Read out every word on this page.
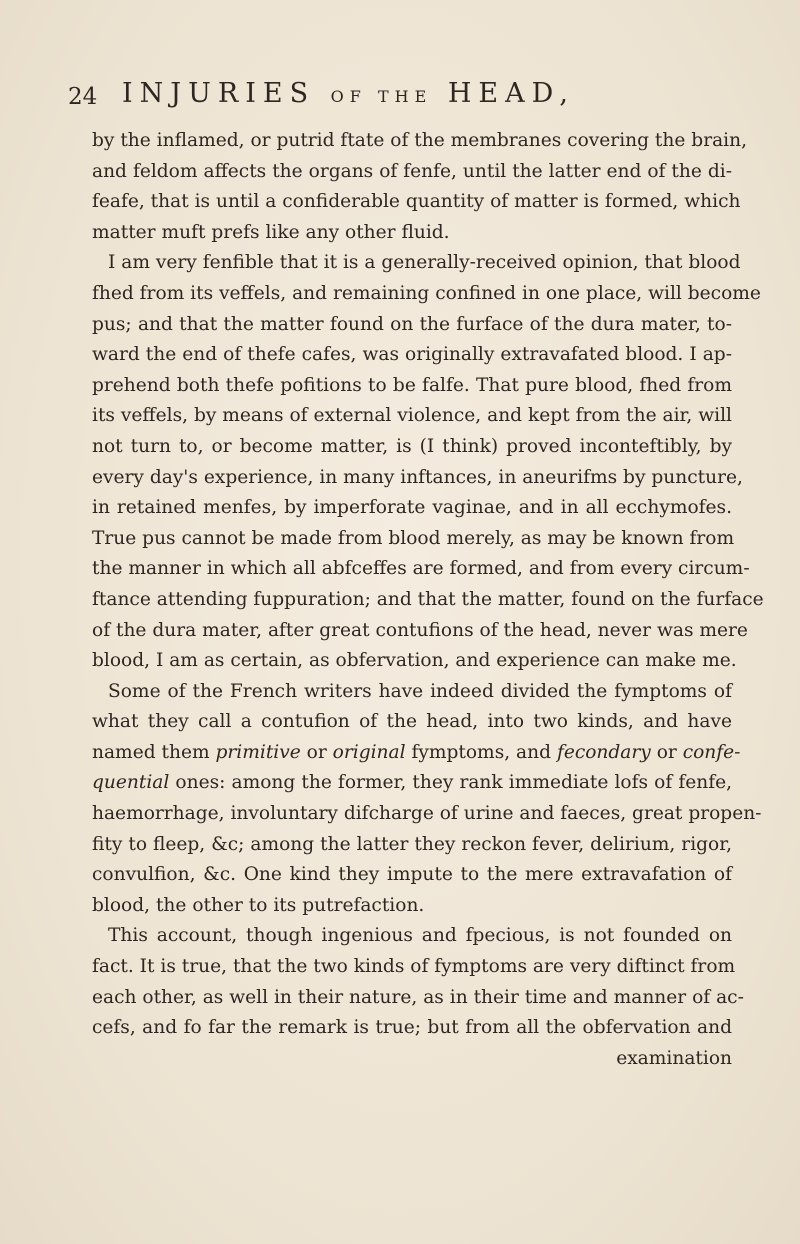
24 INJURIES OF THE HEAD,
by the inflamed, or putrid ftate of the membranes covering the brain,
and feldom affects the organs of fenfe, until the latter end of the di-
feafe, that is until a confiderable quantity of matter is formed, which
matter muft prefs like any other fluid.
I am very fenfible that it is a generally-received opinion, that blood
fhed from its veffels, and remaining confined in one place, will become
pus; and that the matter found on the furface of the dura mater, to-
ward the end of thefe cafes, was originally extravafated blood. I ap-
prehend both thefe pofitions to be falfe. That pure blood, fhed from
its veffels, by means of external violence, and kept from the air, will
not turn to, or become matter, is (I think) proved inconteftibly, by
every day's experience, in many inftances, in aneurifms by puncture,
in retained menfes, by imperforate vaginae, and in all ecchymofes.
True pus cannot be made from blood merely, as may be known from
the manner in which all abfceffes are formed, and from every circum-
ftance attending fuppuration; and that the matter, found on the furface
of the dura mater, after great contufions of the head, never was mere
blood, I am as certain, as obfervation, and experience can make me.
Some of the French writers have indeed divided the fymptoms of
what they call a contufion of the head, into two kinds, and have
named them primitive or original fymptoms, and fecondary or confe-
quential ones: among the former, they rank immediate lofs of fenfe,
haemorrhage, involuntary difcharge of urine and faeces, great propen-
fity to fleep, &c; among the latter they reckon fever, delirium, rigor,
convulfion, &c. One kind they impute to the mere extravafation of
blood, the other to its putrefaction.
This account, though ingenious and fpecious, is not founded on
fact. It is true, that the two kinds of fymptoms are very diftinct from
each other, as well in their nature, as in their time and manner of ac-
cefs, and fo far the remark is true; but from all the obfervation and
examination
